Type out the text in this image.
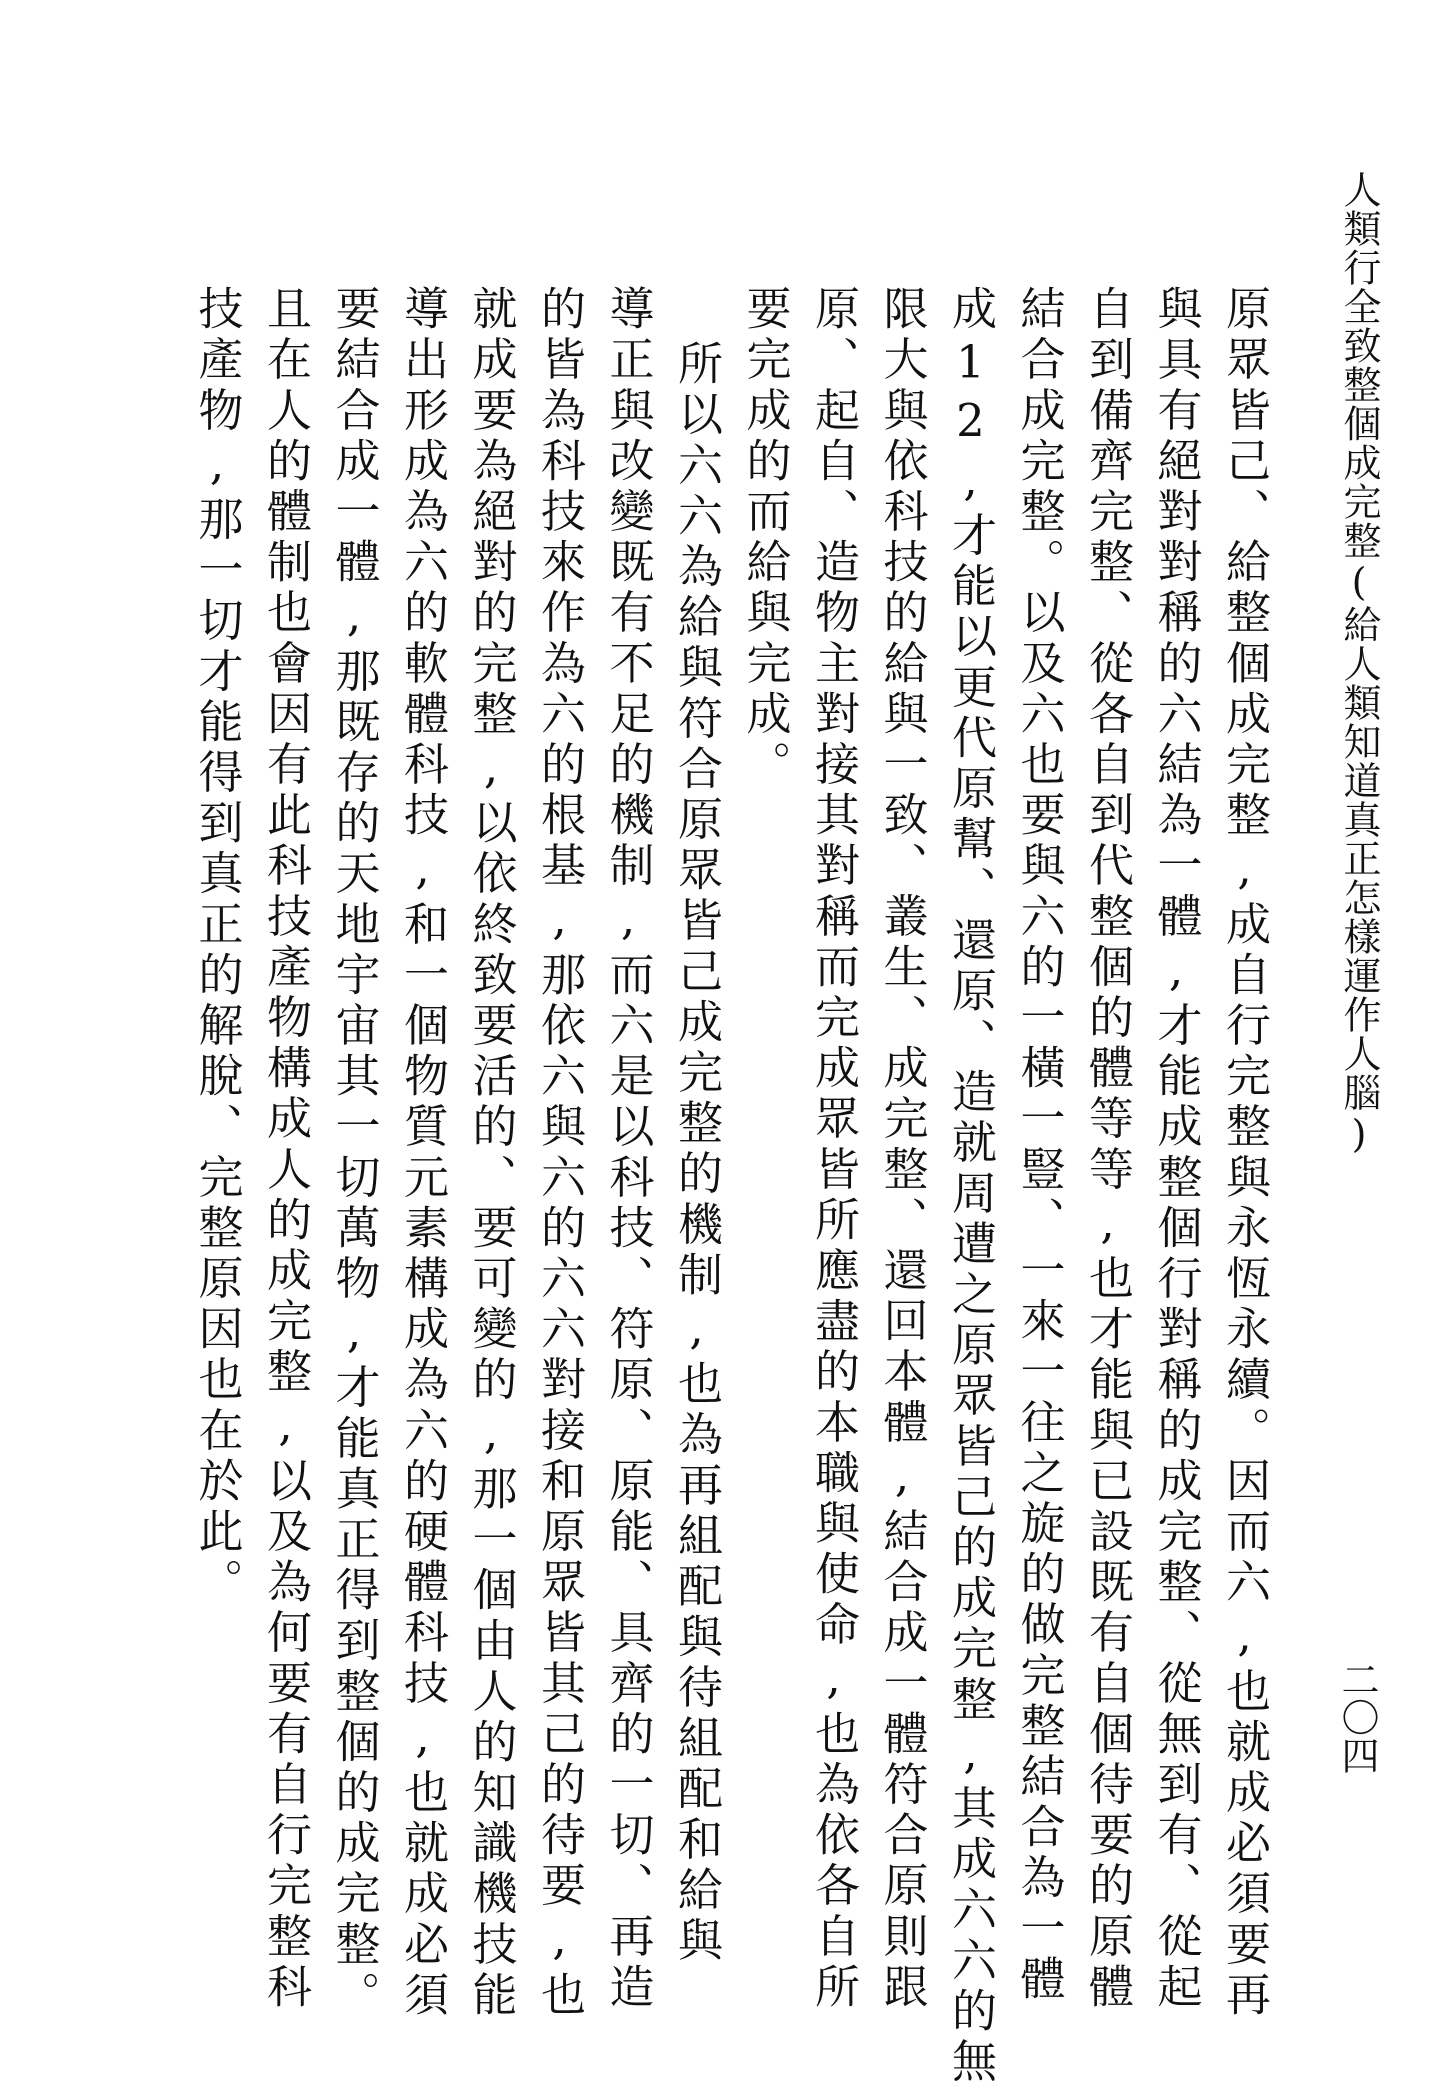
人類行全致整個成完整(給人類知道真正怎樣運作人腦)
二〇四
原眾皆己、給整個成完整,成自行完整與永恆永續。因而六,也就成必須要再
與具有絕對對稱的六結為一體,才能成整個行對稱的成完整、從無到有、從起
自到備齊完整、從各自到代整個的體等等,也才能與已設既有自個待要的原體
結合成完整。以及六也要與六的一橫一豎、一來一往之旋的做完整結合為一體
成12,才能以更代原幫、還原、造就周遭之原眾皆己的成完整,其成六六的無
限大與依科技的給與一致、叢生、成完整、還回本體,結合成一體符合原則跟
原、起自、造物主對接其對稱而完成眾皆所應盡的本職與使命,也為依各自所
要完成的而給與完成。
所以六六為給與符合原眾皆己成完整的機制,也為再組配與待組配和給與
導正與改變既有不足的機制,而六是以科技、符原、原能、具齊的一切、再造
的皆為科技來作為六的根基,那依六與六的六六對接和原眾皆其己的待要,也
就成要為絕對的完整,以依終致要活的、要可變的,那一個由人的知識機技能
導出形成為六的軟體科技,和一個物質元素構成為六的硬體科技,也就成必須
要結合成一體,那既存的天地宇宙其一切萬物,才能真正得到整個的成完整。
且在人的體制也會因有此科技產物構成人的成完整,以及為何要有自行完整科
技產物,那一切才能得到真正的解脫、完整原因也在於此。
